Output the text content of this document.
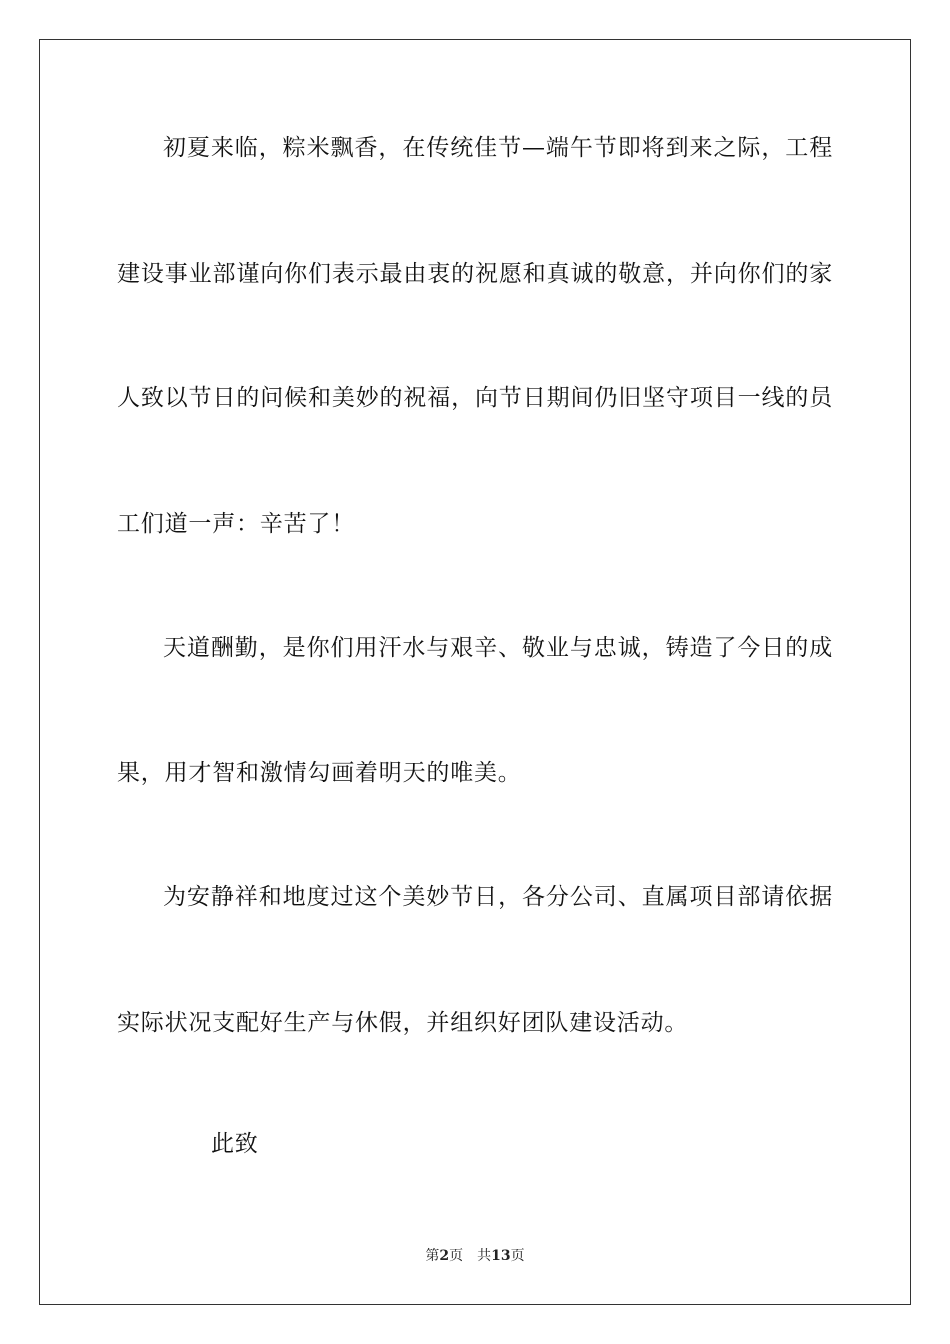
初夏来临，粽米飘香，在传统佳节—端午节即将到来之际，工程
建设事业部谨向你们表示最由衷的祝愿和真诚的敬意，并向你们的家
人致以节日的问候和美妙的祝福，向节日期间仍旧坚守项目一线的员
工们道一声：辛苦了！
天道酬勤，是你们用汗水与艰辛、敬业与忠诚，铸造了今日的成
果，用才智和激情勾画着明天的唯美。
为安静祥和地度过这个美妙节日，各分公司、直属项目部请依据
实际状况支配好生产与休假，并组织好团队建设活动。
此致
第2页 共13页
